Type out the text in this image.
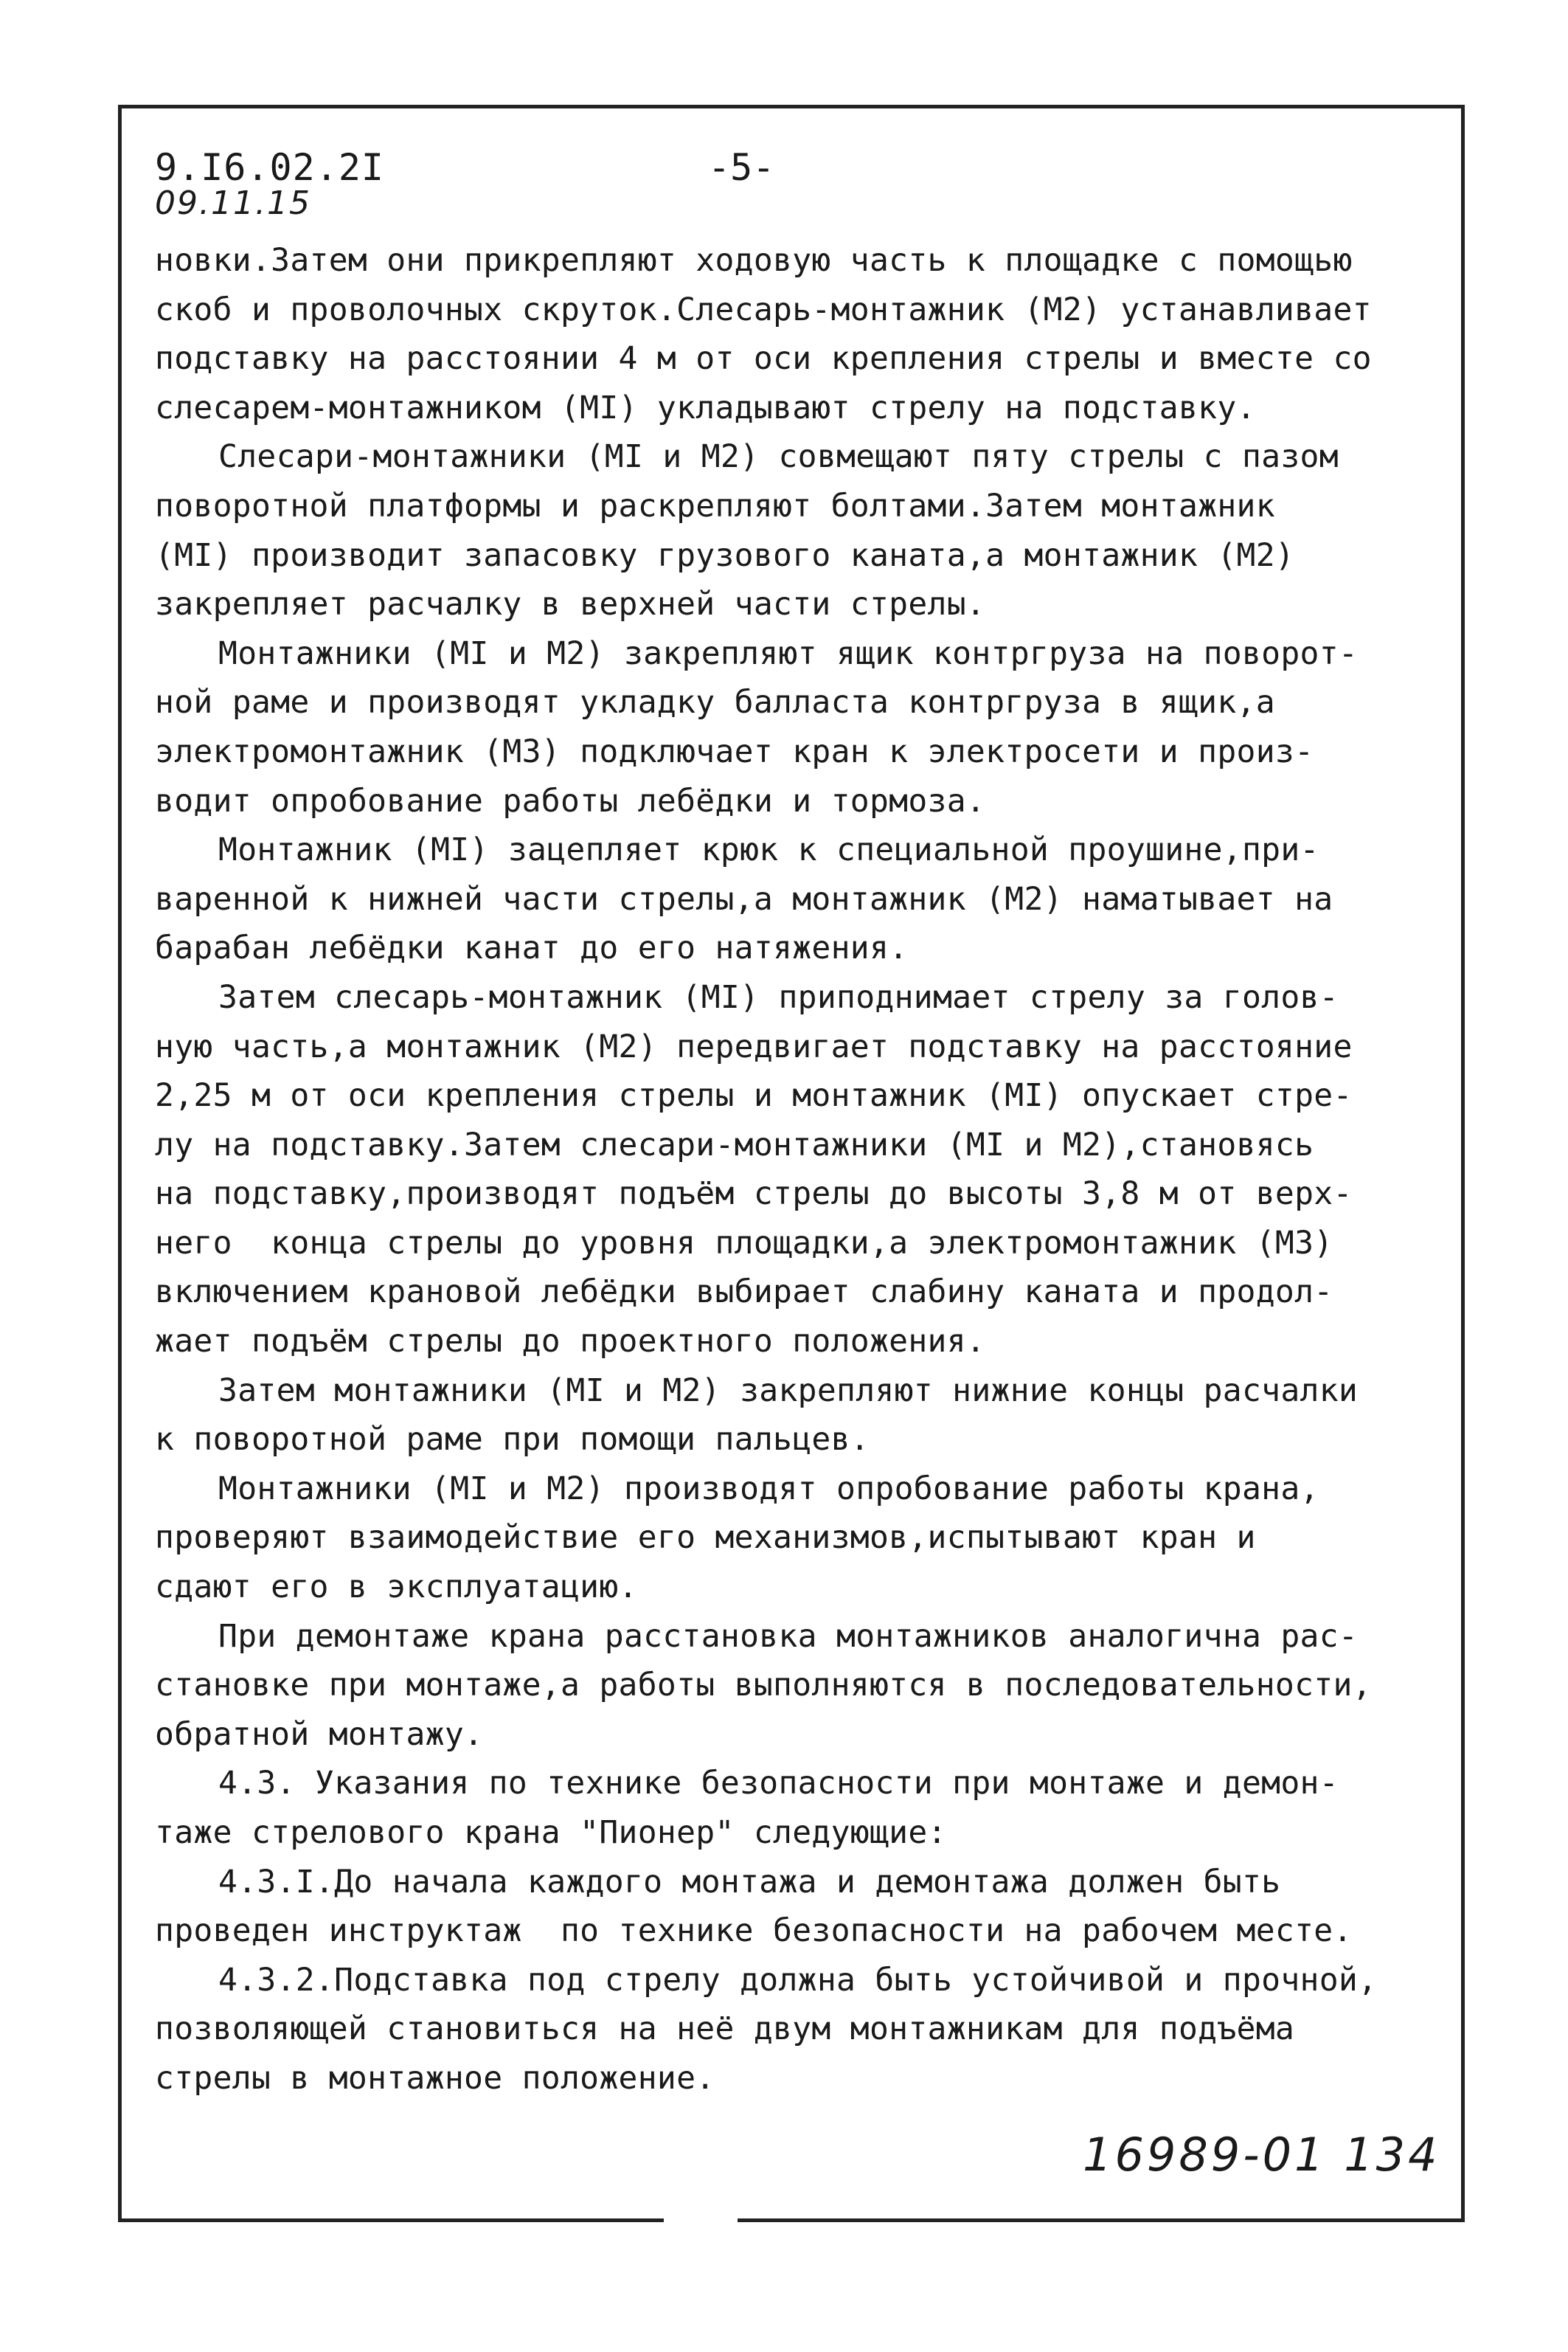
9.I6.02.2I
09.11.15
-5-
новки.Затем они прикрепляют ходовую часть к площадке с помощью
скоб и проволочных скруток.Слесарь-монтажник (М2) устанавливает
подставку на расстоянии 4 м от оси крепления стрелы и вместе со
слесарем-монтажником (МI) укладывают стрелу на подставку.
Слесари-монтажники (МI и М2) совмещают пяту стрелы с пазом
поворотной платформы и раскрепляют болтами.Затем монтажник
(МI) производит запасовку грузового каната,а монтажник (М2)
закрепляет расчалку в верхней части стрелы.
Монтажники (МI и М2) закрепляют ящик контргруза на поворот-
ной раме и производят укладку балласта контргруза в ящик,а
электромонтажник (М3) подключает кран к электросети и произ-
водит опробование работы лебёдки и тормоза.
Монтажник (МI) зацепляет крюк к специальной проушине,при-
варенной к нижней части стрелы,а монтажник (М2) наматывает на
барабан лебёдки канат до его натяжения.
Затем слесарь-монтажник (МI) приподнимает стрелу за голов-
ную часть,а монтажник (М2) передвигает подставку на расстояние
2,25 м от оси крепления стрелы и монтажник (МI) опускает стре-
лу на подставку.Затем слесари-монтажники (МI и М2),становясь
на подставку,производят подъём стрелы до высоты 3,8 м от верх-
него  конца стрелы до уровня площадки,а электромонтажник (М3)
включением крановой лебёдки выбирает слабину каната и продол-
жает подъём стрелы до проектного положения.
Затем монтажники (МI и М2) закрепляют нижние концы расчалки
к поворотной раме при помощи пальцев.
Монтажники (МI и М2) производят опробование работы крана,
проверяют взаимодействие его механизмов,испытывают кран и
сдают его в эксплуатацию.
При демонтаже крана расстановка монтажников аналогична рас-
становке при монтаже,а работы выполняются в последовательности,
обратной монтажу.
4.3. Указания по технике безопасности при монтаже и демон-
таже стрелового крана "Пионер" следующие:
4.3.I.До начала каждого монтажа и демонтажа должен быть
проведен инструктаж  по технике безопасности на рабочем месте.
4.3.2.Подставка под стрелу должна быть устойчивой и прочной,
позволяющей становиться на неё двум монтажникам для подъёма
стрелы в монтажное положение.
16989-01 134
